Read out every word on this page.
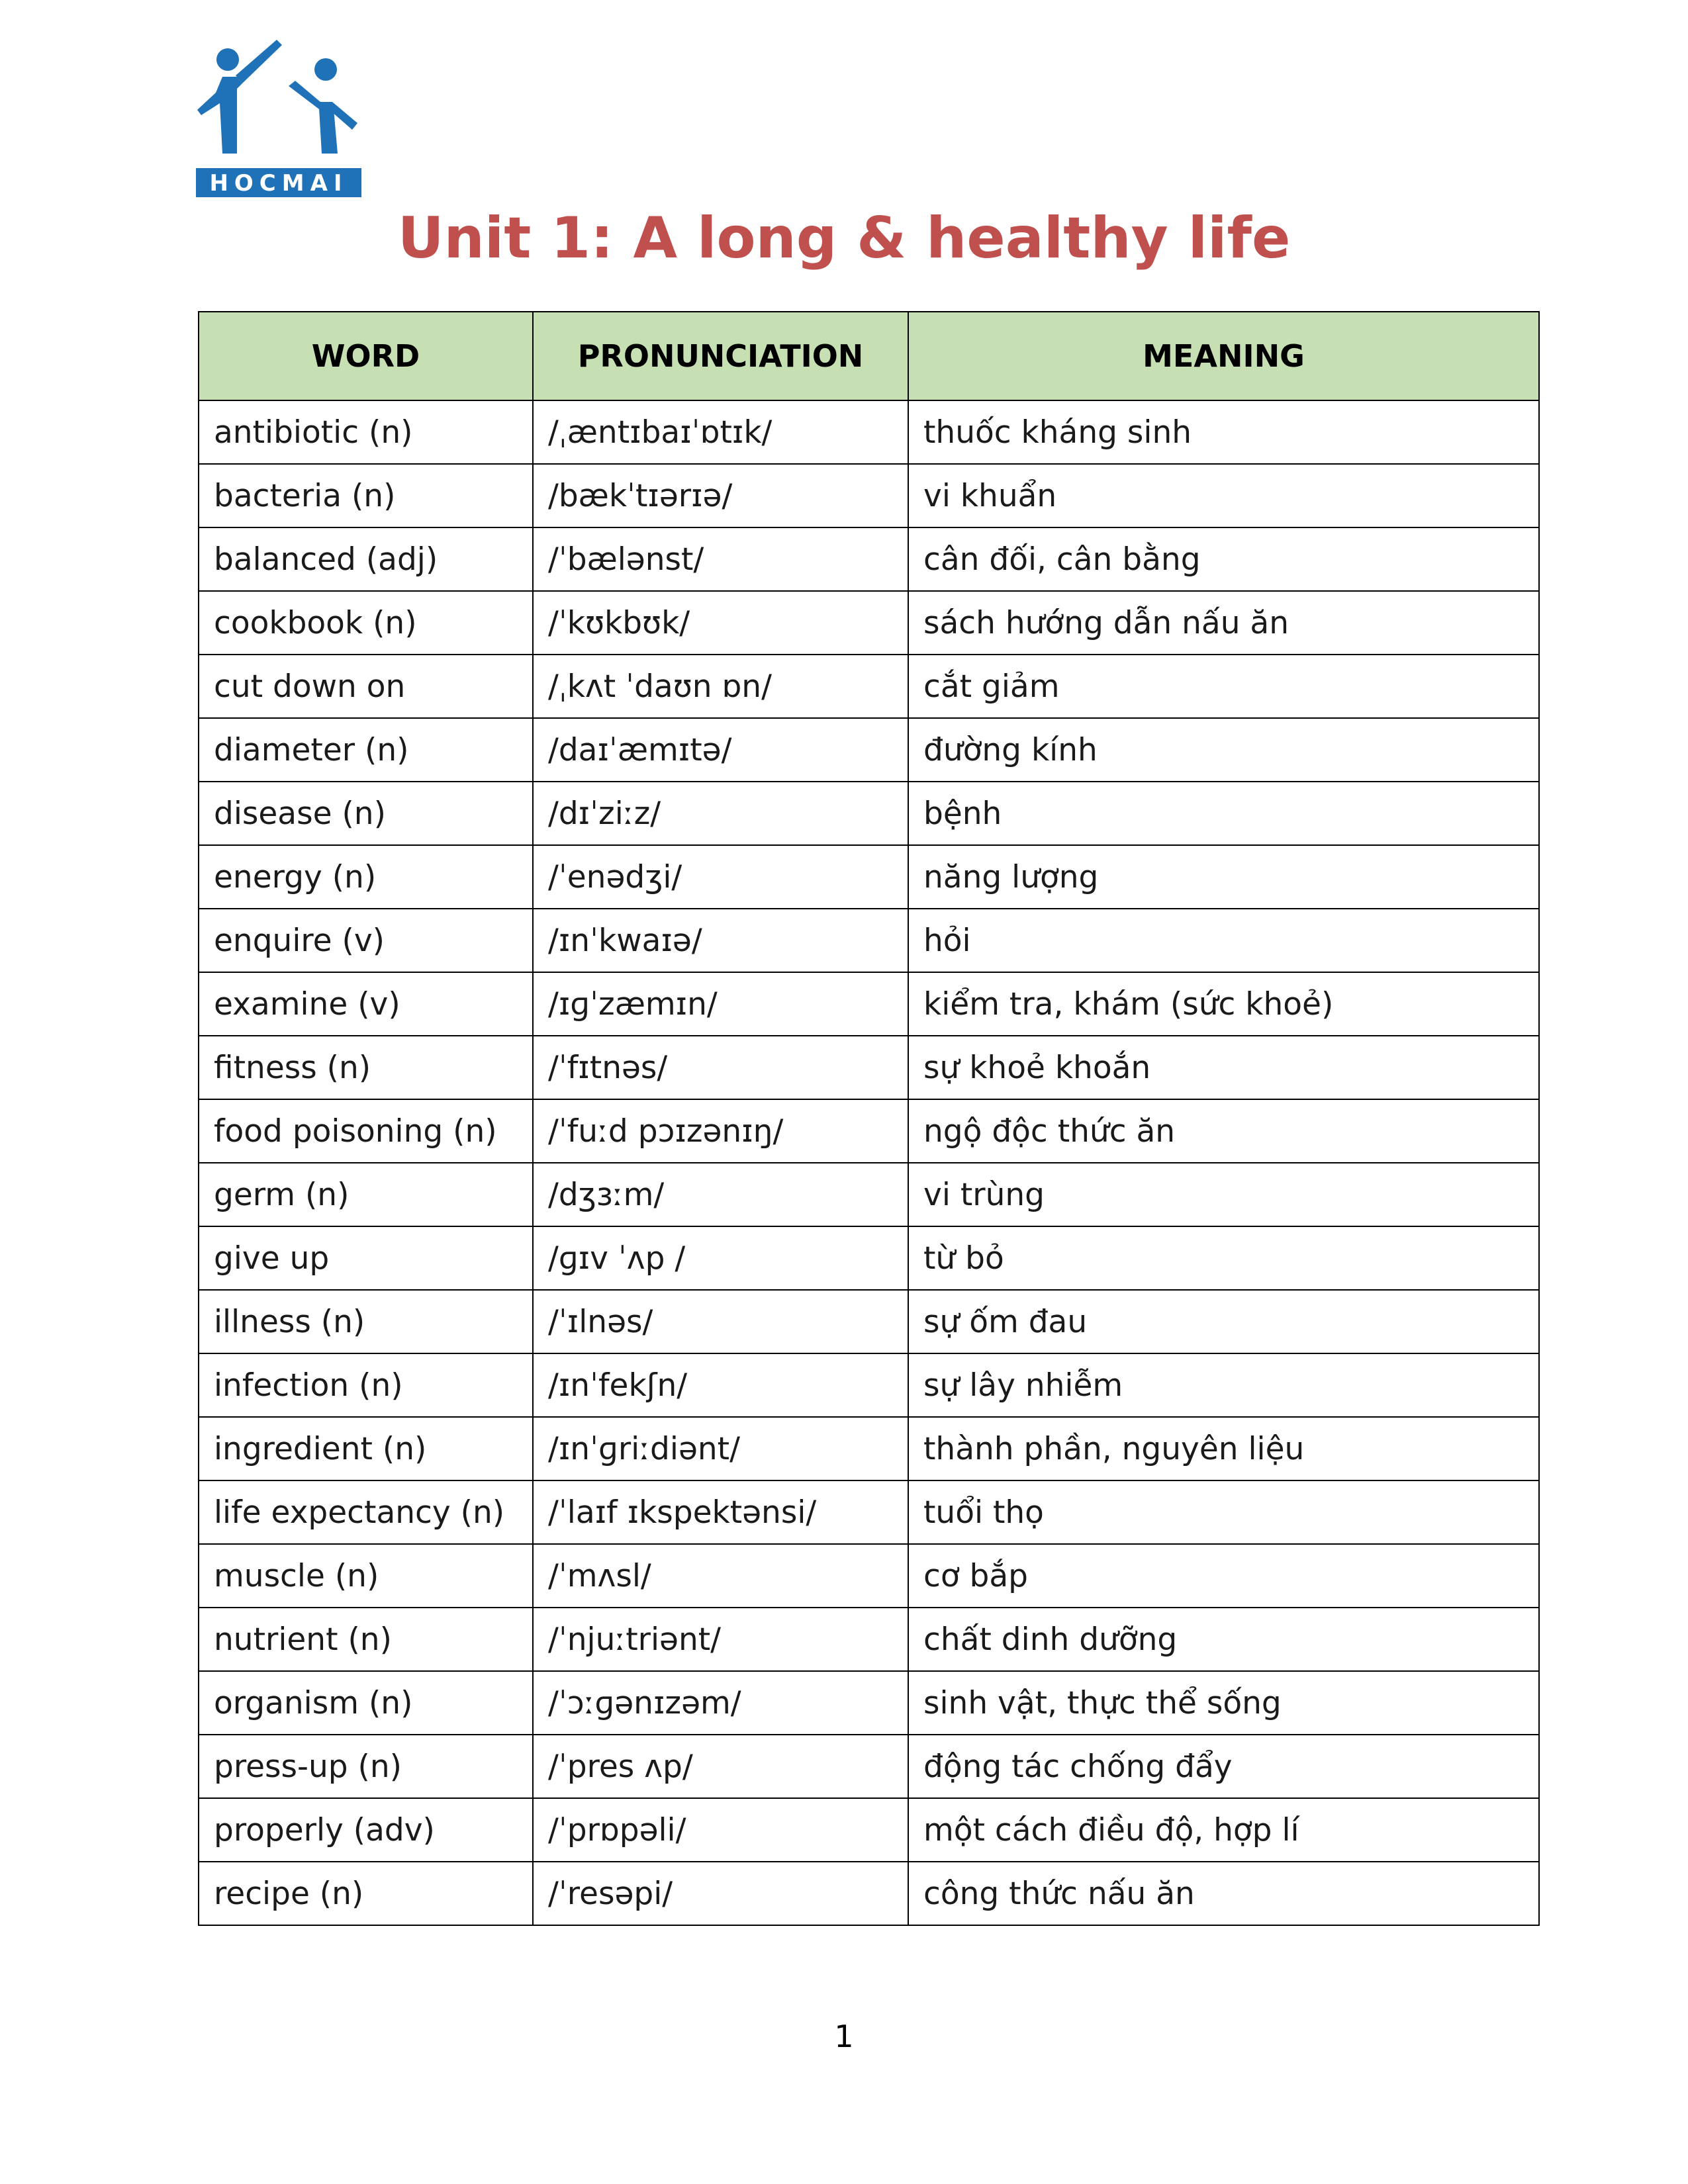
HOCMAI
Unit 1: A long & healthy life
WORD	PRONUNCIATION	MEANING
antibiotic (n)	/ˌæntɪbaɪˈɒtɪk/	thuốc kháng sinh
bacteria (n)	/bækˈtɪərɪə/	vi khuẩn
balanced (adj)	/ˈbælənst/	cân đối, cân bằng
cookbook (n)	/ˈkʊkbʊk/	sách hướng dẫn nấu ăn
cut down on	/ˌkʌt ˈdaʊn ɒn/	cắt giảm
diameter (n)	/daɪˈæmɪtə/	đường kính
disease (n)	/dɪˈziːz/	bệnh
energy (n)	/ˈenədʒi/	năng lượng
enquire (v)	/ɪnˈkwaɪə/	hỏi
examine (v)	/ɪɡˈzæmɪn/	kiểm tra, khám (sức khoẻ)
fitness (n)	/ˈfɪtnəs/	sự khoẻ khoắn
food poisoning (n)	/ˈfuːd pɔɪzənɪŋ/	ngộ độc thức ăn
germ (n)	/dʒɜːm/	vi trùng
give up	/ɡɪv ˈʌp /	từ bỏ
illness (n)	/ˈɪlnəs/	sự ốm đau
infection (n)	/ɪnˈfekʃn/	sự lây nhiễm
ingredient (n)	/ɪnˈɡriːdiənt/	thành phần, nguyên liệu
life expectancy (n)	/ˈlaɪf ɪkspektənsi/	tuổi thọ
muscle (n)	/ˈmʌsl/	cơ bắp
nutrient (n)	/ˈnjuːtriənt/	chất dinh dưỡng
organism (n)	/ˈɔːɡənɪzəm/	sinh vật, thực thể sống
press-up (n)	/ˈpres ʌp/	động tác chống đẩy
properly (adv)	/ˈprɒpəli/	một cách điều độ, hợp lí
recipe (n)	/ˈresəpi/	công thức nấu ăn
1
